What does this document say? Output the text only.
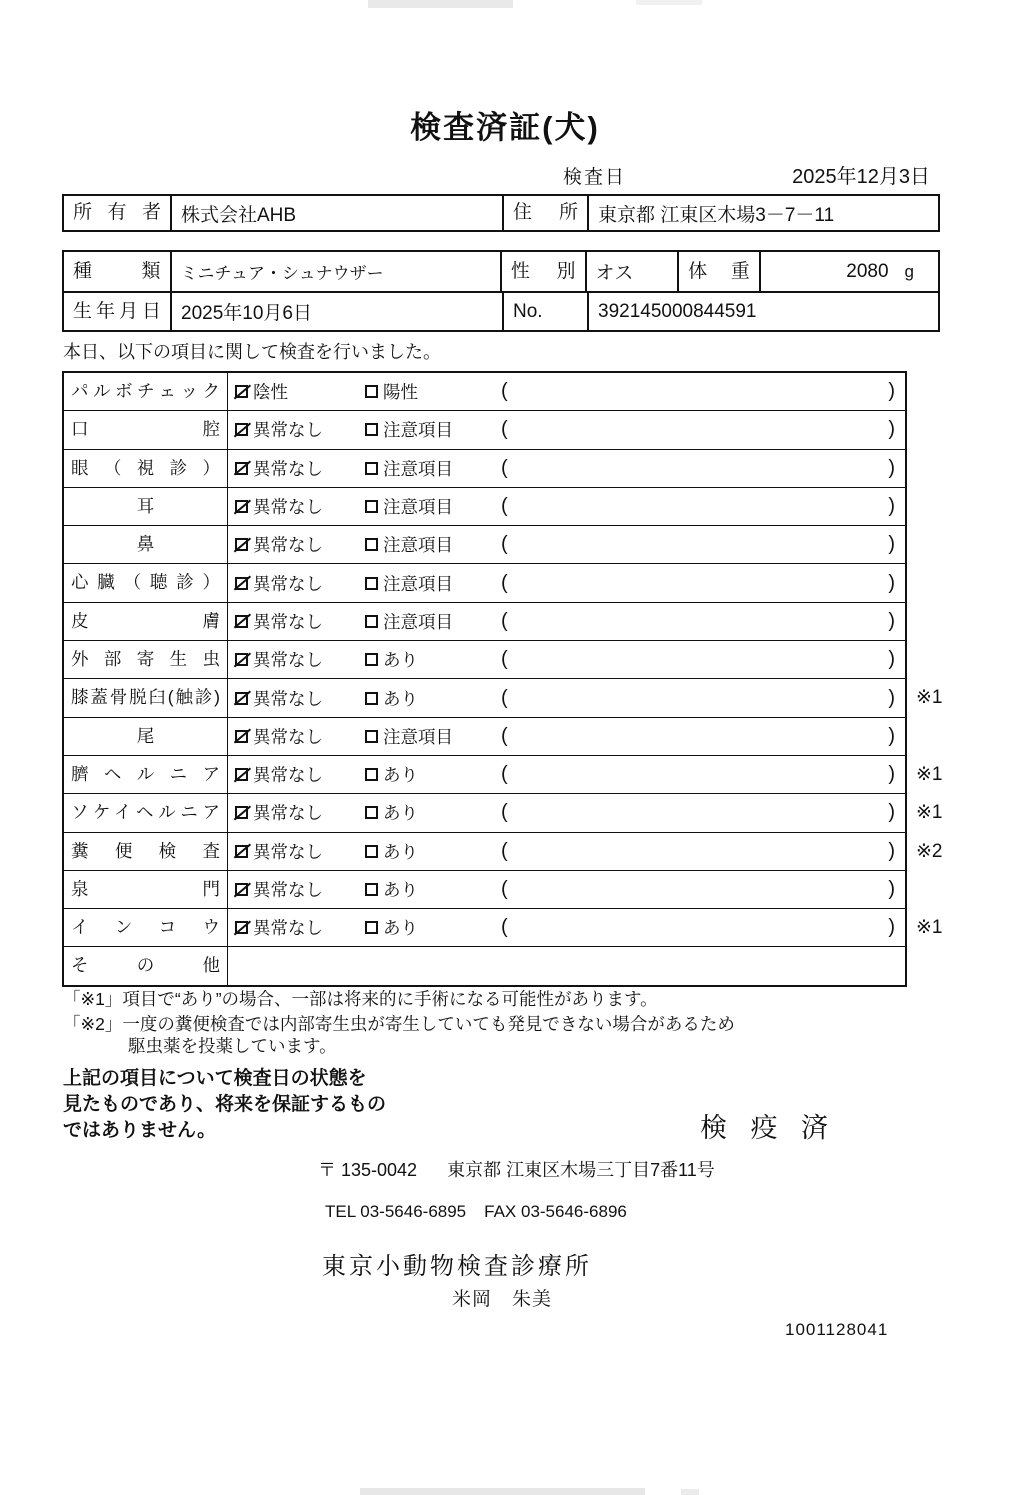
検査済証(犬)
検査日	2025年12月3日
所有者	株式会社AHB	住所	東京都 江東区木場3－7－11
種類	ミニチュア・シュナウザー	性別	オス	体重	2080 g
生年月日	2025年10月6日	No.	392145000844591
本日、以下の項目に関して検査を行いました。
パルボチェック	陰性	陽性	(	)
口腔	異常なし	注意項目 (	)
眼（視診）	異常なし	注意項目 (	)
耳	異常なし	注意項目 (	)
鼻	異常なし	注意項目 (	)
心臓（聴診）	異常なし	注意項目 (	)
皮膚	異常なし	注意項目 (	)
外部寄生虫	異常なし	あり	(	)
膝蓋骨脱臼(触診)	異常なし	あり	(	) ※1
尾	異常なし	注意項目 (	)
臍ヘルニア	異常なし	あり	(	) ※1
ソケイヘルニア	異常なし	あり	(	) ※1
糞便検査	異常なし	あり	(	) ※2
泉門	異常なし	あり	(	)
インコウ	異常なし	あり	(	) ※1
その他
「※1」項目で“あり”の場合、一部は将来的に手術になる可能性があります。
「※2」一度の糞便検査では内部寄生虫が寄生していても発見できない場合があるため
駆虫薬を投薬しています。
上記の項目について検査日の状態を
見たものであり、将来を保証するもの
ではありません。	検 疫 済
〒 135-0042 東京都 江東区木場三丁目7番11号
TEL 03-5646-6895 FAX 03-5646-6896
東京小動物検査診療所
米岡　朱美
1001128041
